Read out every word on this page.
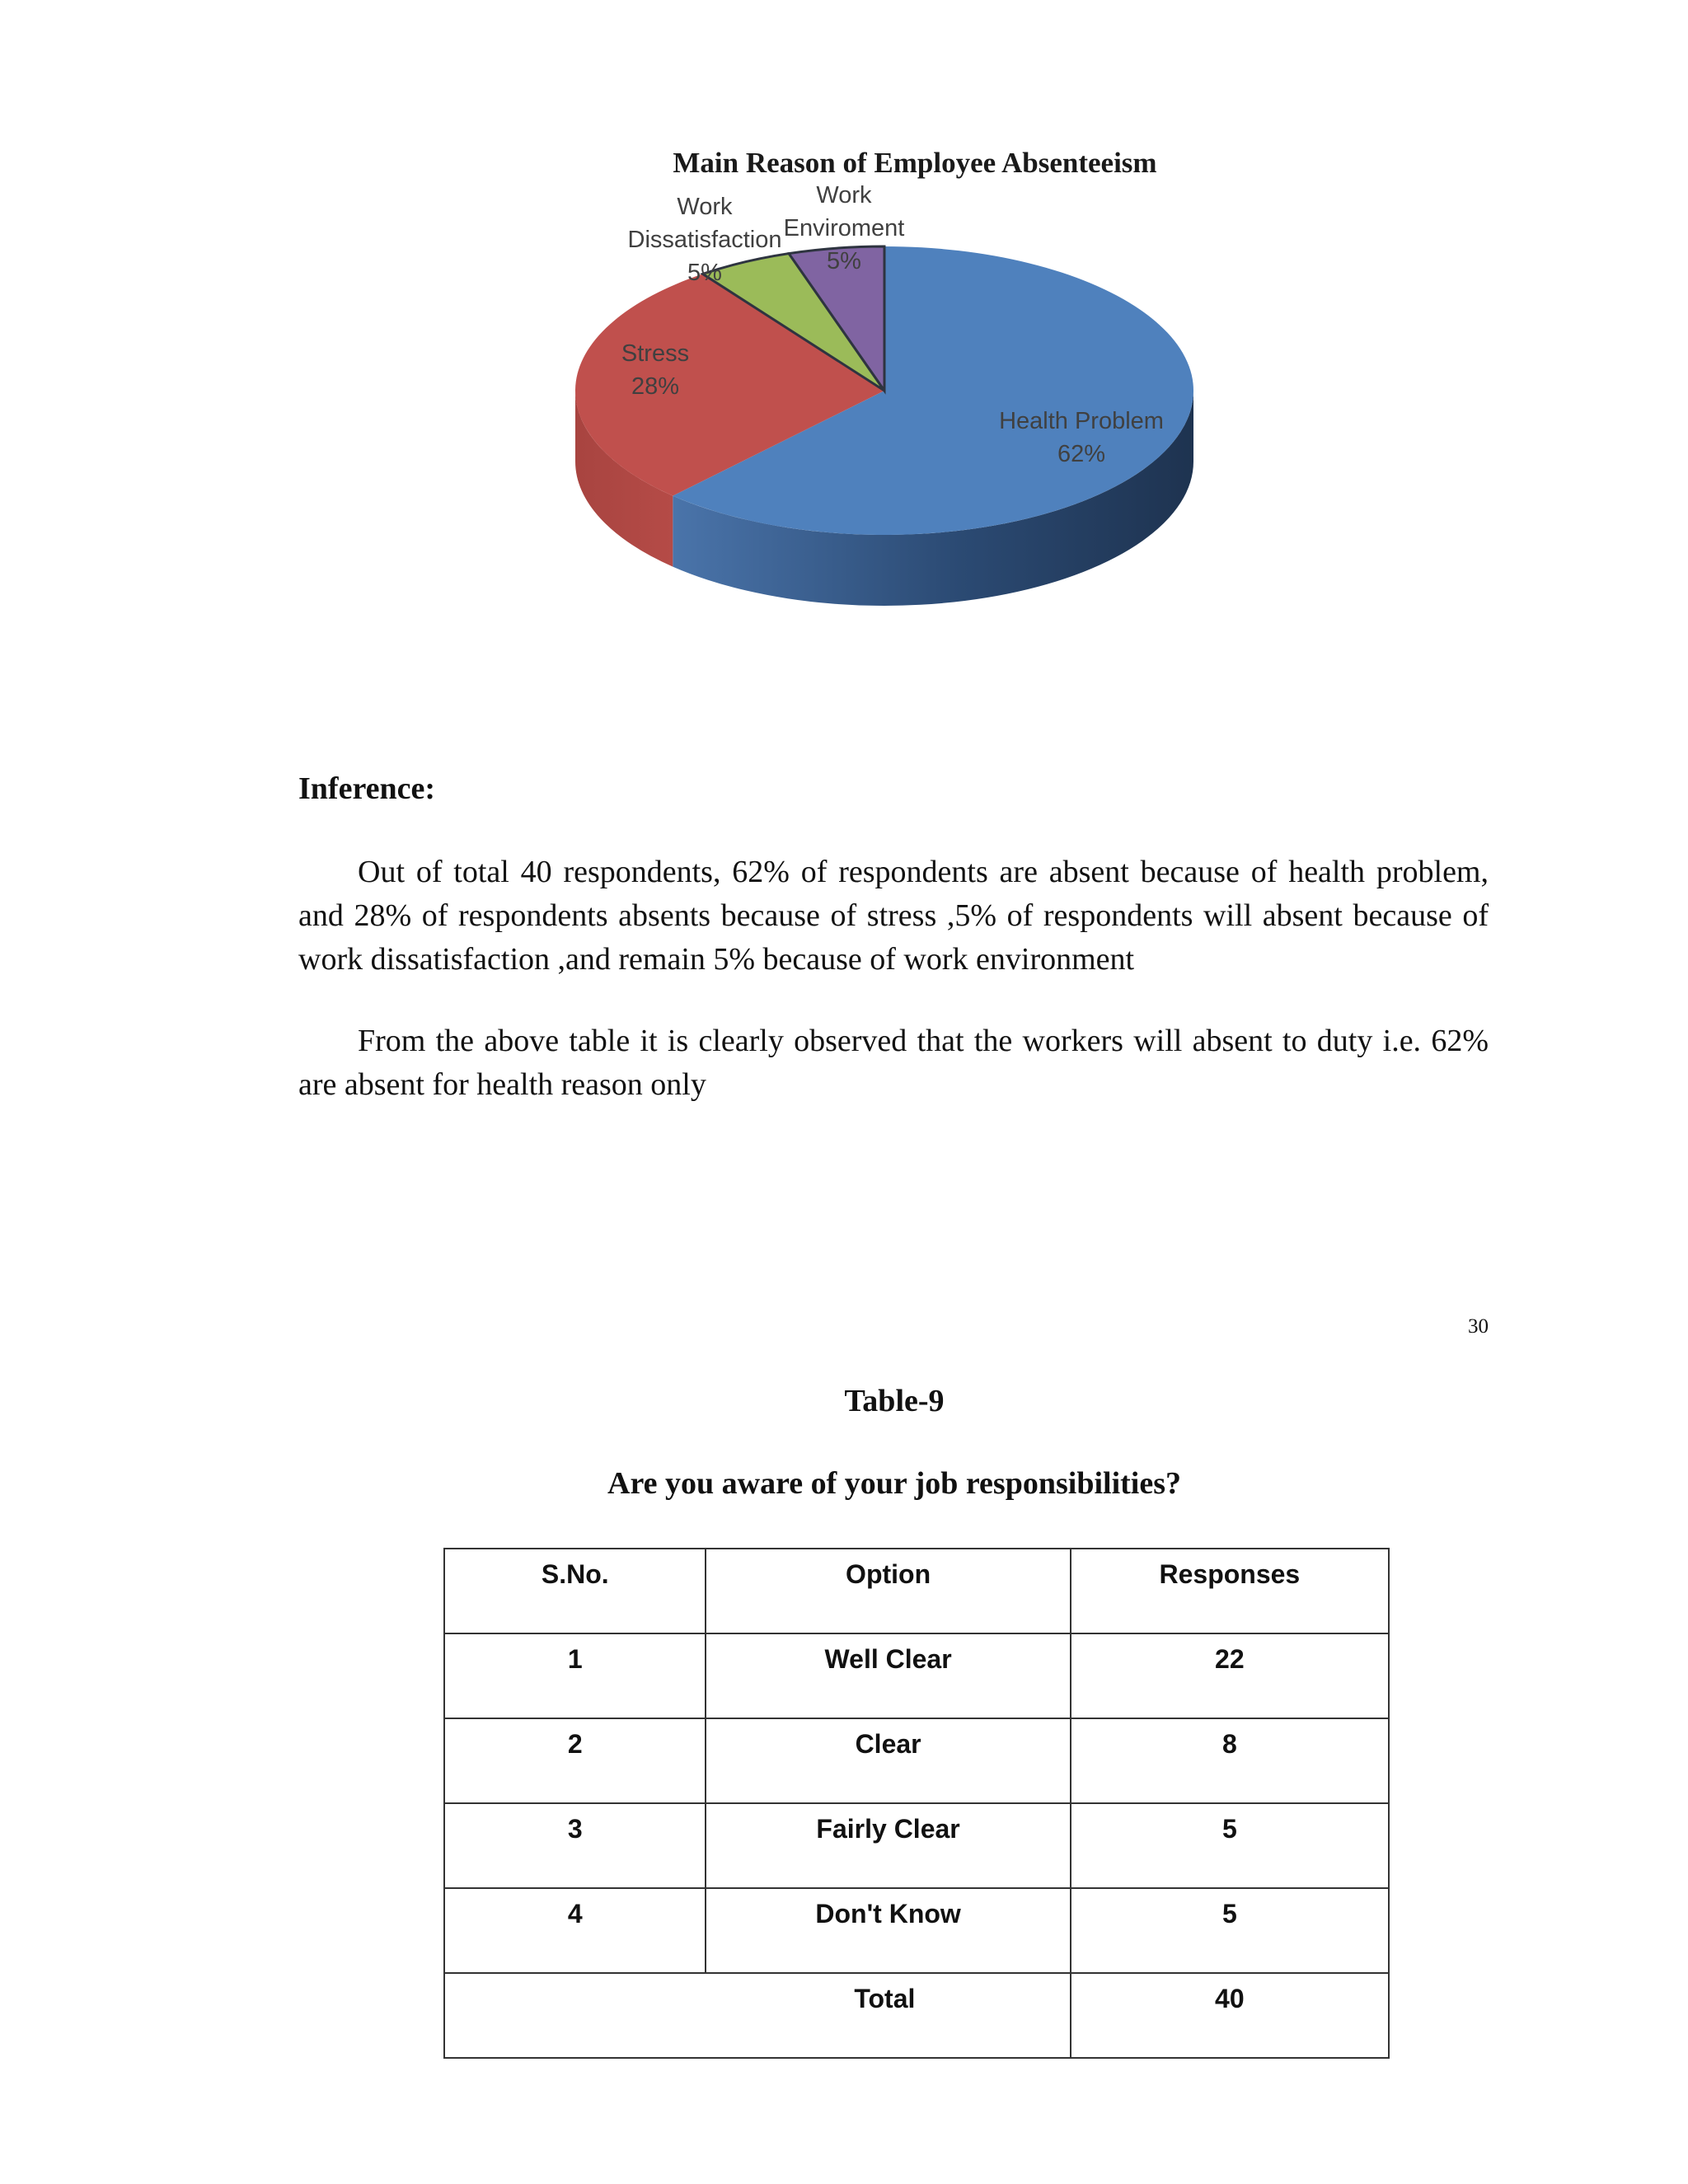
Main Reason of Employee Absenteeism
Health Problem 62%
Stress 28%
Work Dissatisfaction 5%
Work Enviroment 5%
Inference:

Out of total 40 respondents, 62% of respondents are absent because of health problem, and 28% of respondents absents because of stress ,5% of respondents will absent because of work dissatisfaction ,and remain 5% because of work environment

From the above table it is clearly observed that the workers will absent to duty i.e. 62% are absent for health reason only

30
Table-9
Are you aware of your job responsibilities?
S.No.	Option	Responses
1	Well Clear	22
2	Clear	8
3	Fairly Clear	5
4	Don't Know	5
Total		40
